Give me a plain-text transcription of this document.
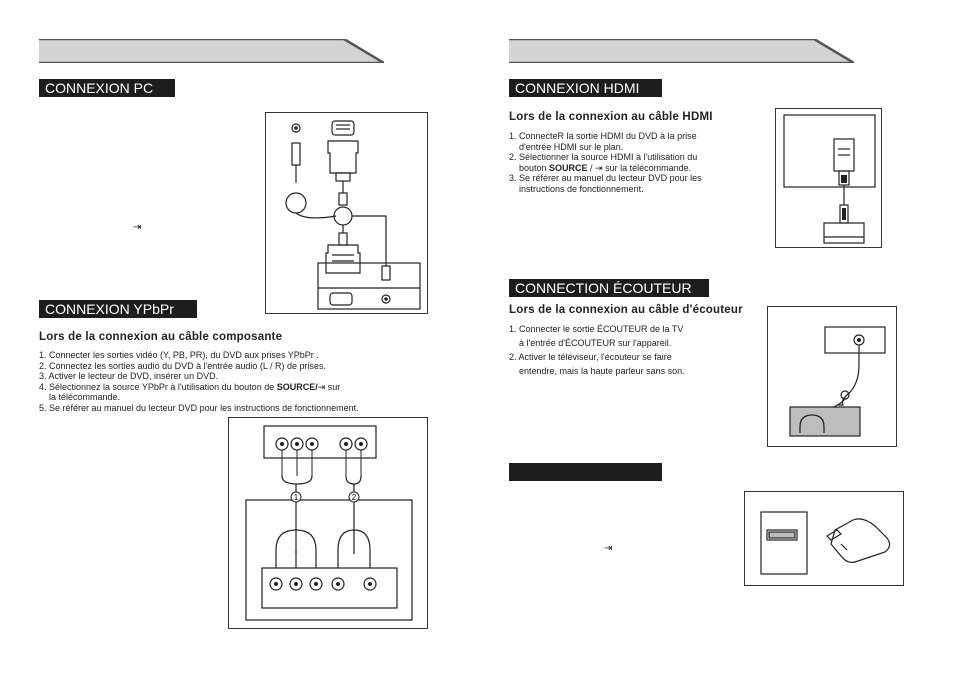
CONNEXION PC
⇥
CONNEXION YPbPr
Lors de la connexion au câble composante
1. Connecter les sorties vidéo (Y, PB, PR), du DVD aux prises YPbPr .
2. Connectez les sorties audio du DVD à l'entrée audio (L / R) de prises.
3. Activer le lecteur de DVD, insérer un DVD.
4. Sélectionnez la source YPbPr à l'utilisation du bouton de SOURCE/⇥ sur
la télécommande.
5. Se référer au manuel du lecteur DVD pour les instructions de fonctionnement.
1	2
CONNEXION HDMI
Lors de la connexion au câble HDMI
1. ConnecteR la sortie HDMI du DVD à la prise
d'entrée HDMI sur le plan.
2. Sélectionner la source HDMI à l'utilisation du
bouton SOURCE / ⇥ sur la télécommande.
3. Se référer au manuel du lecteur DVD pour les
instructions de fonctionnement.
CONNECTION ÉCOUTEUR
Lors de la connexion au câble d'écouteur
1. Connecter le sortie ÉCOUTEUR de la TV
à l'entrée d'ÉCOUTEUR sur l'appareil.
2. Activer le téléviseur, l'écouteur se faire
entendre, mais la haute parleur sans son.
⇥
